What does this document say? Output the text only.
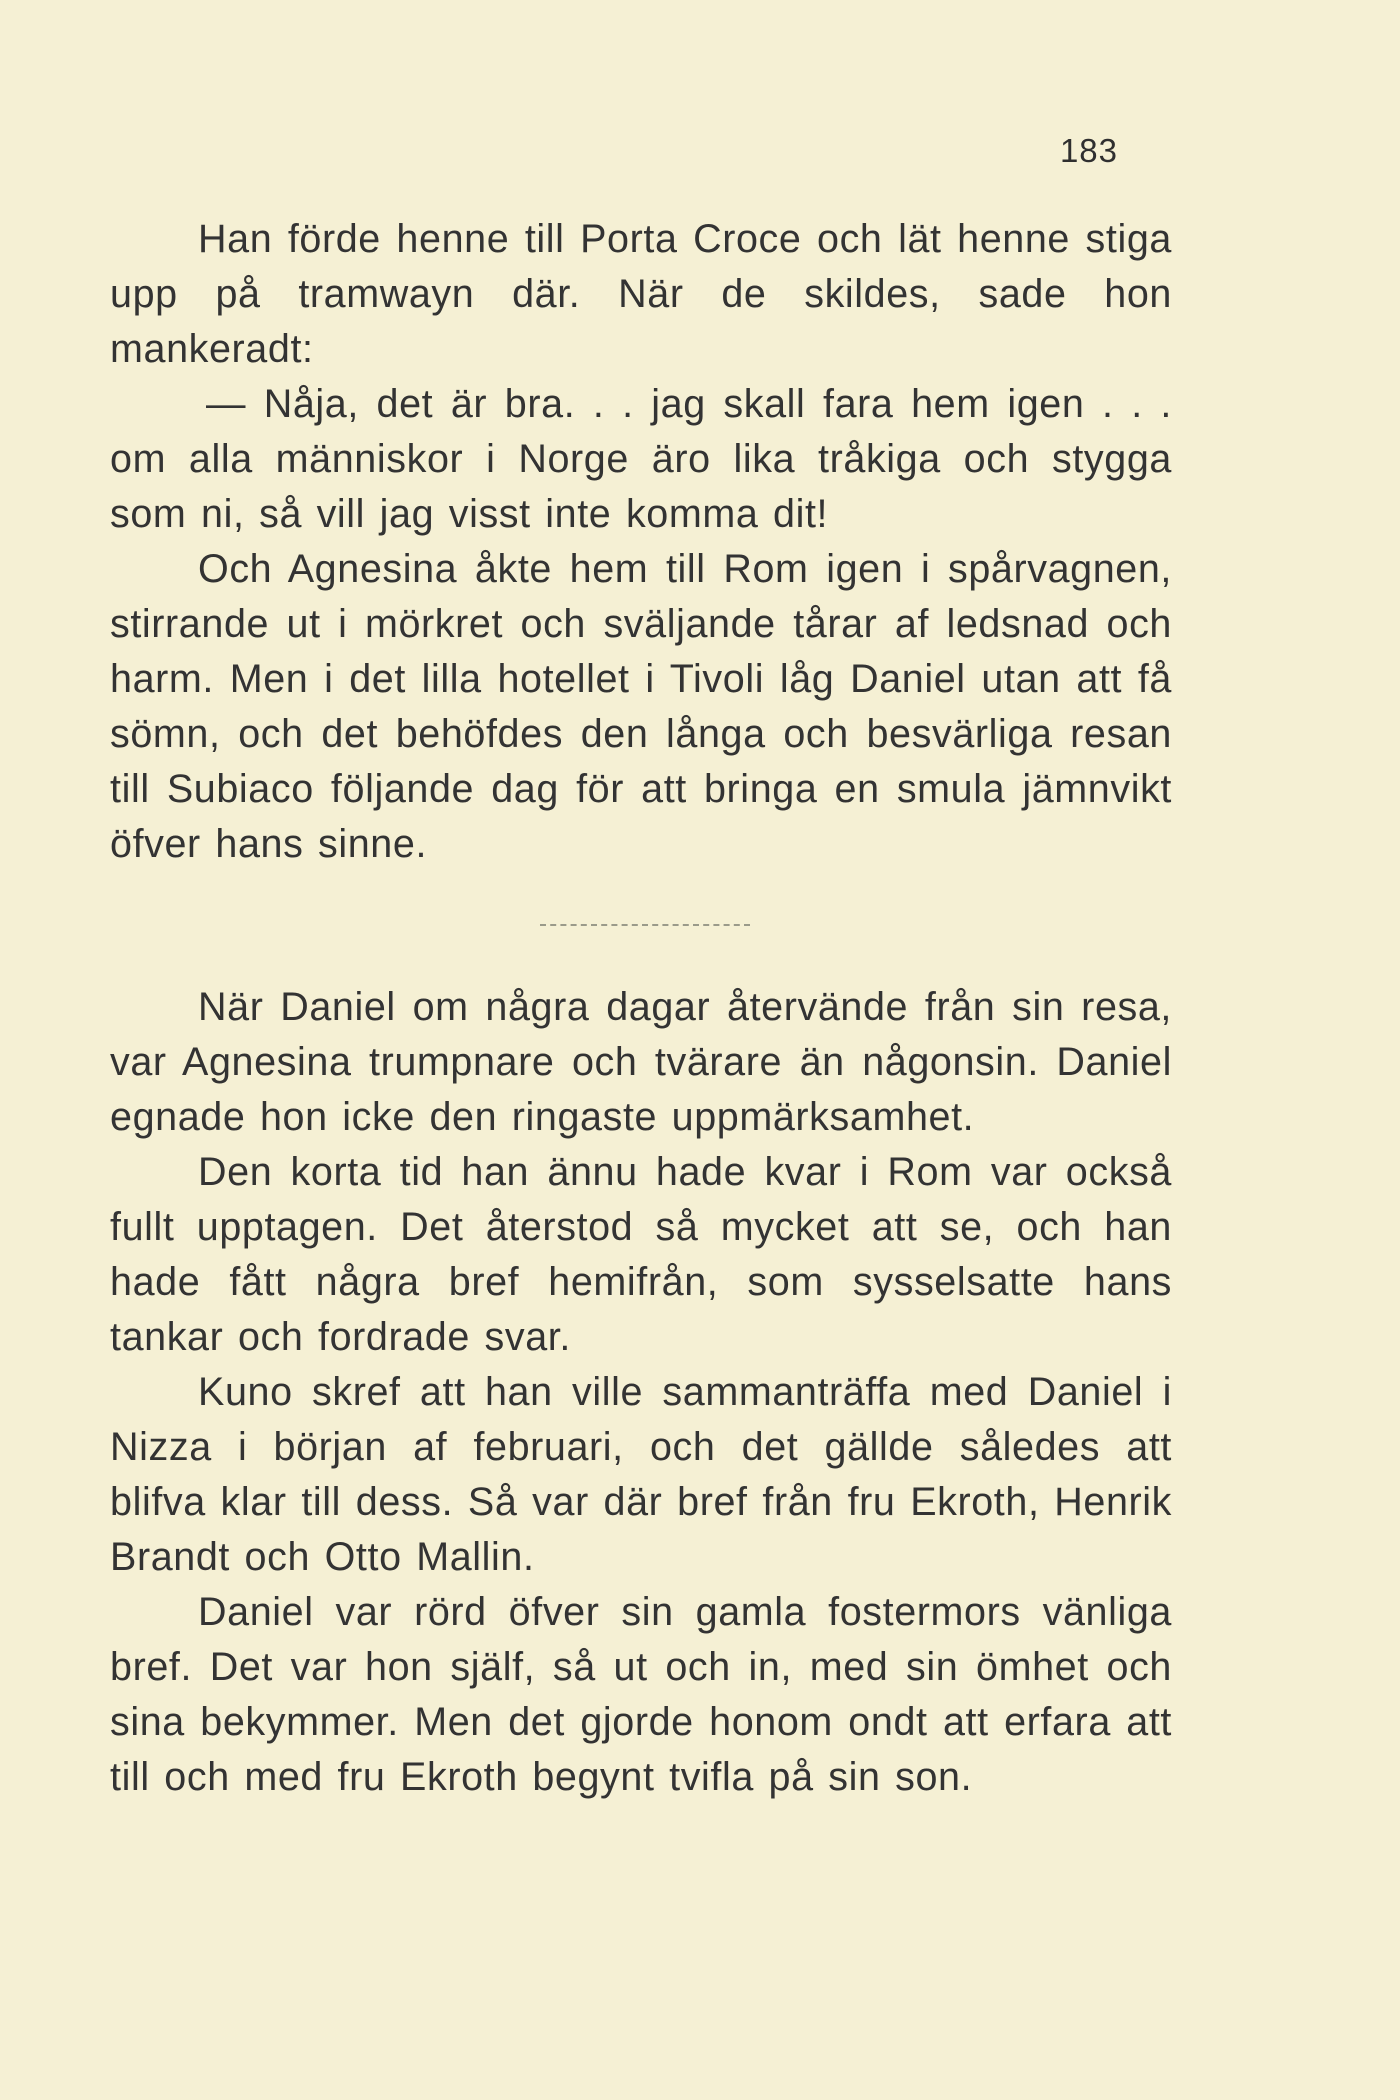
183

Han förde henne till Porta Croce och lät henne stiga upp på tramwayn där. När de skildes, sade hon mankeradt:

— Nåja, det är bra. . . jag skall fara hem igen . . . om alla människor i Norge äro lika tråkiga och stygga som ni, så vill jag visst inte komma dit!

Och Agnesina åkte hem till Rom igen i spårvagnen, stirrande ut i mörkret och sväljande tårar af ledsnad och harm. Men i det lilla hotellet i Tivoli låg Daniel utan att få sömn, och det behöfdes den långa och besvärliga resan till Subiaco följande dag för att bringa en smula jämnvikt öfver hans sinne.

När Daniel om några dagar återvände från sin resa, var Agnesina trumpnare och tvärare än någonsin. Daniel egnade hon icke den ringaste uppmärksamhet.

Den korta tid han ännu hade kvar i Rom var också fullt upptagen. Det återstod så mycket att se, och han hade fått några bref hemifrån, som sysselsatte hans tankar och fordrade svar.

Kuno skref att han ville sammanträffa med Daniel i Nizza i början af februari, och det gällde således att blifva klar till dess. Så var där bref från fru Ekroth, Henrik Brandt och Otto Mallin.

Daniel var rörd öfver sin gamla fostermors vänliga bref. Det var hon själf, så ut och in, med sin ömhet och sina bekymmer. Men det gjorde honom ondt att erfara att till och med fru Ekroth begynt tvifla på sin son.
